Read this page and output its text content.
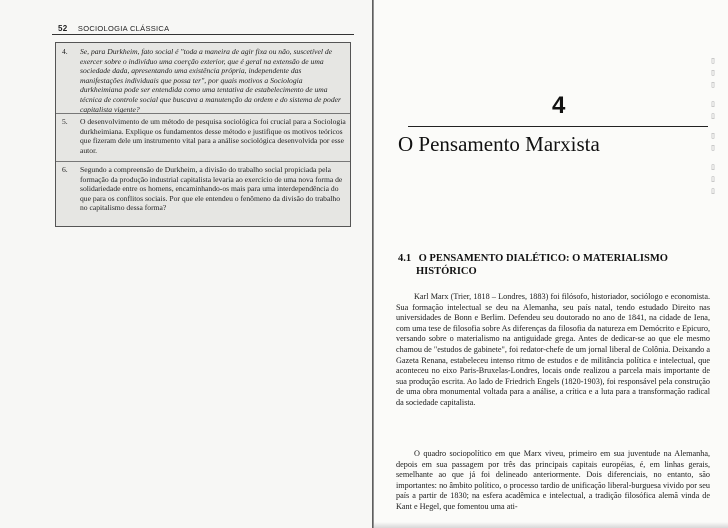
52 SOCIOLOGIA CLÁSSICA
4. Se, para Durkheim, fato social é "toda a maneira de agir fixa ou não, suscetível de exercer sobre o indivíduo uma coerção exterior, que é geral na extensão de uma sociedade dada, apresentando uma existência própria, independente das manifestações individuais que possa ter", por quais motivos a Sociologia durkheimiana pode ser entendida como uma tentativa de estabelecimento de uma técnica de controle social que buscava a manutenção da ordem e do sistema de poder capitalista vigente?
5. O desenvolvimento de um método de pesquisa sociológica foi crucial para a Sociologia durkheimiana. Explique os fundamentos desse método e justifique os motivos teóricos que fizeram dele um instrumento vital para a análise sociológica desenvolvida por esse autor.
6. Segundo a compreensão de Durkheim, a divisão do trabalho social propiciada pela formação da produção industrial capitalista levaria ao exercício de uma nova forma de solidariedade entre os homens, encaminhando-os mais para uma interdependência do que para os conflitos sociais. Por que ele entendeu o fenômeno da divisão do trabalho no capitalismo dessa forma?
4
O Pensamento Marxista	▯▯▯ ▯▯ ▯▯ ▯▯▯
4.1 O PENSAMENTO DIALÉTICO: O MATERIALISMO
HISTÓRICO

Karl Marx (Trier, 1818 – Londres, 1883) foi filósofo, historiador, sociólogo e economista. Sua formação intelectual se deu na Alemanha, seu país natal, tendo estudado Direito nas universidades de Bonn e Berlim. Defendeu seu doutorado no ano de 1841, na cidade de Iena, com uma tese de filosofia sobre As diferenças da filosofia da natureza em Demócrito e Epicuro, versando sobre o materialismo na antiguidade grega. Antes de dedicar-se ao que ele mesmo chamou de "estudos de gabinete", foi redator-chefe de um jornal liberal de Colônia. Deixando a Gazeta Renana, estabeleceu intenso ritmo de estudos e de militância política e intelectual, que aconteceu no eixo Paris-Bruxelas-Londres, locais onde realizou a parcela mais importante de sua produção escrita. Ao lado de Friedrich Engels (1820-1903), foi responsável pela construção de uma obra monumental voltada para a análise, a crítica e a luta para a transformação radical da sociedade capitalista.

O quadro sociopolítico em que Marx viveu, primeiro em sua juventude na Alemanha, depois em sua passagem por três das principais capitais européias, é, em linhas gerais, semelhante ao que já foi delineado anteriormente. Dois diferenciais, no entanto, são importantes: no âmbito político, o processo tardio de unificação liberal-burguesa vivido por seu país a partir de 1830; na esfera acadêmica e intelectual, a tradição filosófica alemã vinda de Kant e Hegel, que fomentou uma ati-
